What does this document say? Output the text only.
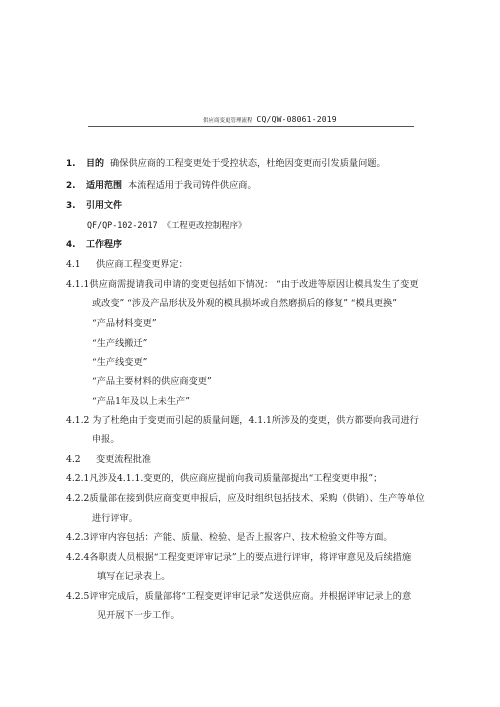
供应商变更管理流程 CQ/QW-08061-2019
1. 目的 确保供应商的工程变更处于受控状态，杜绝因变更而引发质量问题。
2. 适用范围 本流程适用于我司铸件供应商。
3. 引用文件
QF/QP-102-2017 《工程更改控制程序》
4. 工作程序
4.1 供应商工程变更界定：
4.1.1供应商需提请我司申请的变更包括如下情况： “由于改进等原因让模具发生了变更
或改变” “涉及产品形状及外观的模具损坏或自然磨损后的修复” “模具更换”
“产品材料变更”
“生产线搬迁”
“生产线变更”
“产品主要材料的供应商变更”
“产品1年及以上未生产”
4.1.2 为了杜绝由于变更而引起的质量问题，4.1.1所涉及的变更，供方都要向我司进行
申报。
4.2 变更流程批准
4.2.1凡涉及4.1.1.变更的，供应商应提前向我司质量部提出“工程变更申报”；
4.2.2质量部在接到供应商变更申报后，应及时组织包括技术、采购（供销）、生产等单位
进行评审。
4.2.3评审内容包括：产能、质量、检验、是否上报客户、技术检验文件等方面。
4.2.4各职责人员根据“工程变更评审记录”上的要点进行评审，将评审意见及后续措施
填写在记录表上。
4.2.5评审完成后，质量部将“工程变更评审记录”发送供应商。并根据评审记录上的意
见开展下一步工作。
